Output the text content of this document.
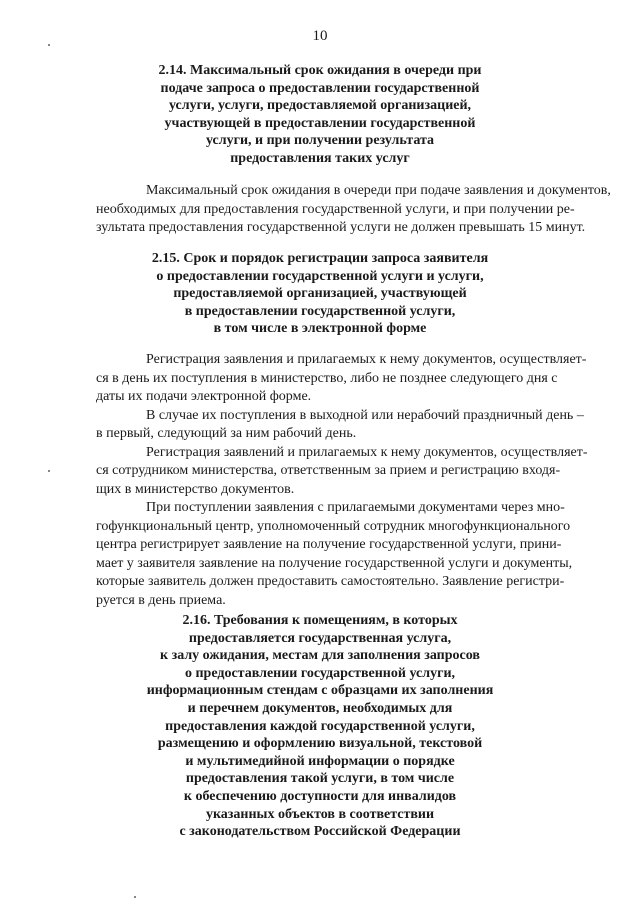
10
2.14. Максимальный срок ожидания в очереди при
подаче запроса о предоставлении государственной
услуги, услуги, предоставляемой организацией,
участвующей в предоставлении государственной
услуги, и при получении результата
предоставления таких услуг
Максимальный срок ожидания в очереди при подаче заявления и документов,
необходимых для предоставления государственной услуги, и при получении ре-
зультата предоставления государственной услуги не должен превышать 15 минут.
2.15. Срок и порядок регистрации запроса заявителя
о предоставлении государственной услуги и услуги,
предоставляемой организацией, участвующей
в предоставлении государственной услуги,
в том числе в электронной форме
Регистрация заявления и прилагаемых к нему документов, осуществляет-
ся в день их поступления в министерство, либо не позднее следующего дня с
даты их подачи электронной форме.
В случае их поступления в выходной или нерабочий праздничный день –
в первый, следующий за ним рабочий день.
Регистрация заявлений и прилагаемых к нему документов, осуществляет-
ся сотрудником министерства, ответственным за прием и регистрацию входя-
щих в министерство документов.
При поступлении заявления с прилагаемыми документами через мно-
гофункциональный центр, уполномоченный сотрудник многофункционального
центра регистрирует заявление на получение государственной услуги, прини-
мает у заявителя заявление на получение государственной услуги и документы,
которые заявитель должен предоставить самостоятельно. Заявление регистри-
руется в день приема.
2.16. Требования к помещениям, в которых
предоставляется государственная услуга,
к залу ожидания, местам для заполнения запросов
о предоставлении государственной услуги,
информационным стендам с образцами их заполнения
и перечнем документов, необходимых для
предоставления каждой государственной услуги,
размещению и оформлению визуальной, текстовой
и мультимедийной информации о порядке
предоставления такой услуги, в том числе
к обеспечению доступности для инвалидов
указанных объектов в соответствии
с законодательством Российской Федерации
